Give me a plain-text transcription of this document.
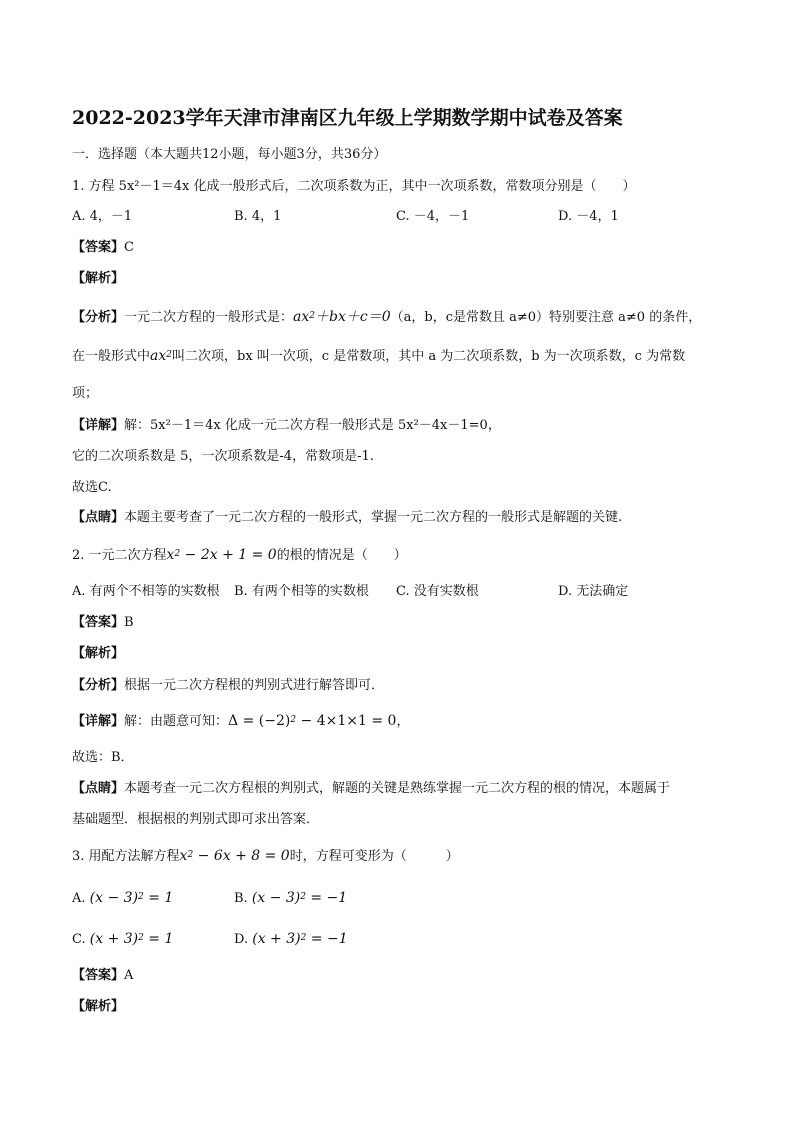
2022-2023学年天津市津南区九年级上学期数学期中试卷及答案
一．选择题（本大题共12小题，每小题3分，共36分）
1. 方程 5x²－1＝4x 化成一般形式后，二次项系数为正，其中一次项系数，常数项分别是（　　）
A. 4，－1	B. 4，1	C. －4，－1	D. －4，1
【答案】C
【解析】
【分析】一元二次方程的一般形式是：$ax^2+bx+c=0(a$，b，c是常数且 a≠0）特别要注意 a≠0 的条件，
在一般形式中$ax^2$叫二次项，bx 叫一次项，c 是常数项，其中 a 为二次项系数，b 为一次项系数，c 为常数
项；
【详解】解：5x²－1＝4x 化成一元二次方程一般形式是 5x²－4x－1=0，
它的二次项系数是 5，一次项系数是-4，常数项是-1.
故选C.
【点睛】本题主要考查了一元二次方程的一般形式，掌握一元二次方程的一般形式是解题的关键.
2. 一元二次方程$x^2 - 2x + 1 = 0$的根的情况是（　　）
A. 有两个不相等的实数根 B. 有两个相等的实数根 C. 没有实数根	D. 无法确定
【答案】B
【解析】
【分析】根据一元二次方程根的判别式进行解答即可．
【详解】解：由题意可知：$\Delta = (-2)^2 - 4\times 1\times 1 = 0$，
故选：B．
【点睛】本题考查一元二次方程根的判别式，解题的关键是熟练掌握一元二次方程的根的情况，本题属于
基础题型．根据根的判别式即可求出答案．
3. 用配方法解方程$x^2 - 6x + 8 = 0$时，方程可变形为（　　　）
A. $(x - 3)^2 = 1$	B. $(x - 3)^2 = -1$
C. $(x + 3)^2 = 1$	D. $(x + 3)^2 = -1$
【答案】A
【解析】
